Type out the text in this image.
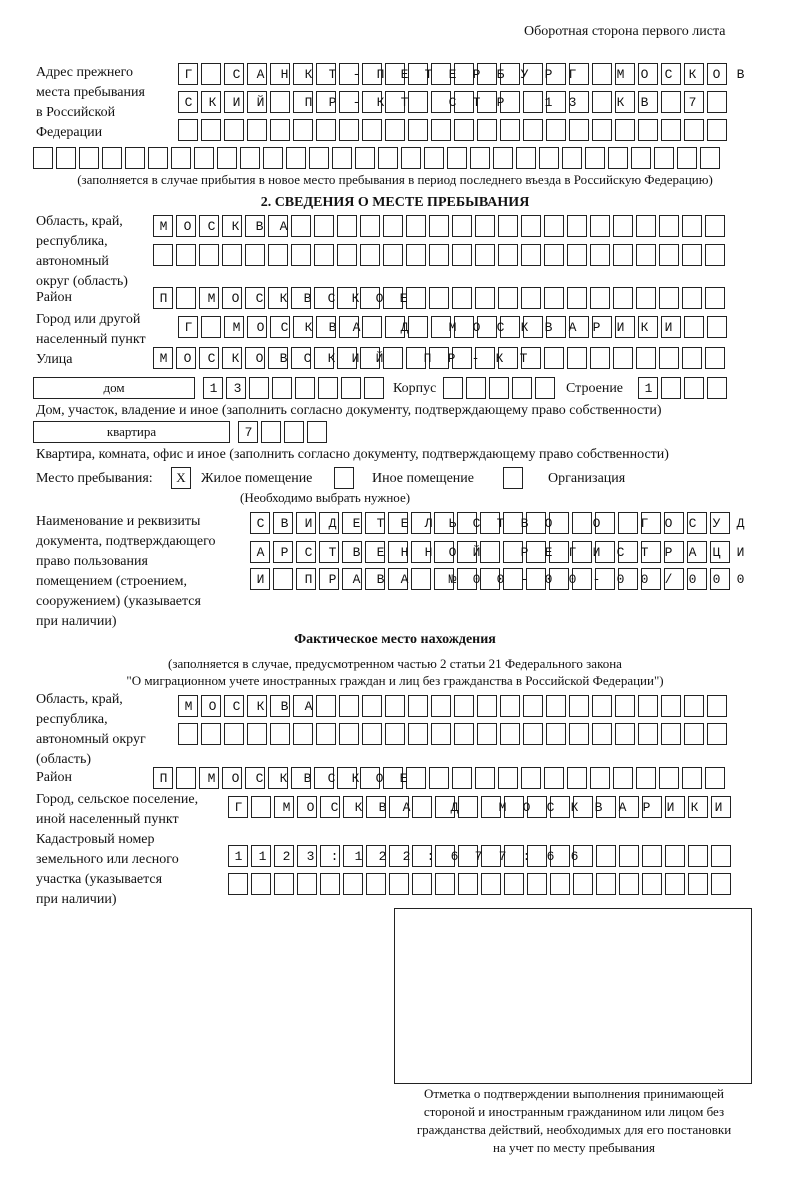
Оборотная сторона первого листа
Адрес прежнего
места пребывания
в Российской
Федерации
Г САНКТ-ПЕТЕРБУРГ МОСКОВ
СКИЙ ПР-КТ СТР 13 КВ 7

(заполняется в случае прибытия в новое место пребывания в период последнего въезда в Российскую Федерацию)
2. СВЕДЕНИЯ О МЕСТЕ ПРЕБЫВАНИЯ
Область, край,
республика,
автономный
округ (область)
МОСКВА

Район	П МОСКВСКОЕ
Город или другой
населенный пункт
Г МОСКВА Д МОСКВАРИКИ
Улица	МОСКОВСКИЙ ПР-КТ
дом	13
Корпус
	Строение	1
Дом, участок, владение и иное (заполнить согласно документу, подтверждающему право собственности)
квартира	7
Квартира, комната, офис и иное (заполнить согласно документу, подтверждающему право собственности)
Место пребывания:	X	Жилое помещение	Иное помещение	Организация
(Необходимо выбрать нужное)
Наименование и реквизиты
документа, подтверждающего
право пользования
помещением (строением,
сооружением) (указывается
при наличии)
СВИДЕТЕЛЬСТВО О ГОСУД
АРСТВЕННОЙ РЕГИСТРАЦИ
И ПРАВА №00-00-00/000
Фактическое место нахождения
(заполняется в случае, предусмотренном частью 2 статьи 21 Федерального закона
"О миграционном учете иностранных граждан и лиц без гражданства в Российской Федерации")
Область, край,
республика,
автономный округ
(область)
МОСКВА

Район	П МОСКВСКОЕ
Город, сельское поселение,
иной населенный пункт
Г МОСКВА Д МОСКВАРИКИ
Кадастровый номер
земельного или лесного
участка (указывается
при наличии)
1123:122:677:66

Отметка о подтверждении выполнения принимающей
стороной и иностранным гражданином или лицом без
гражданства действий, необходимых для его постановки
на учет по месту пребывания
